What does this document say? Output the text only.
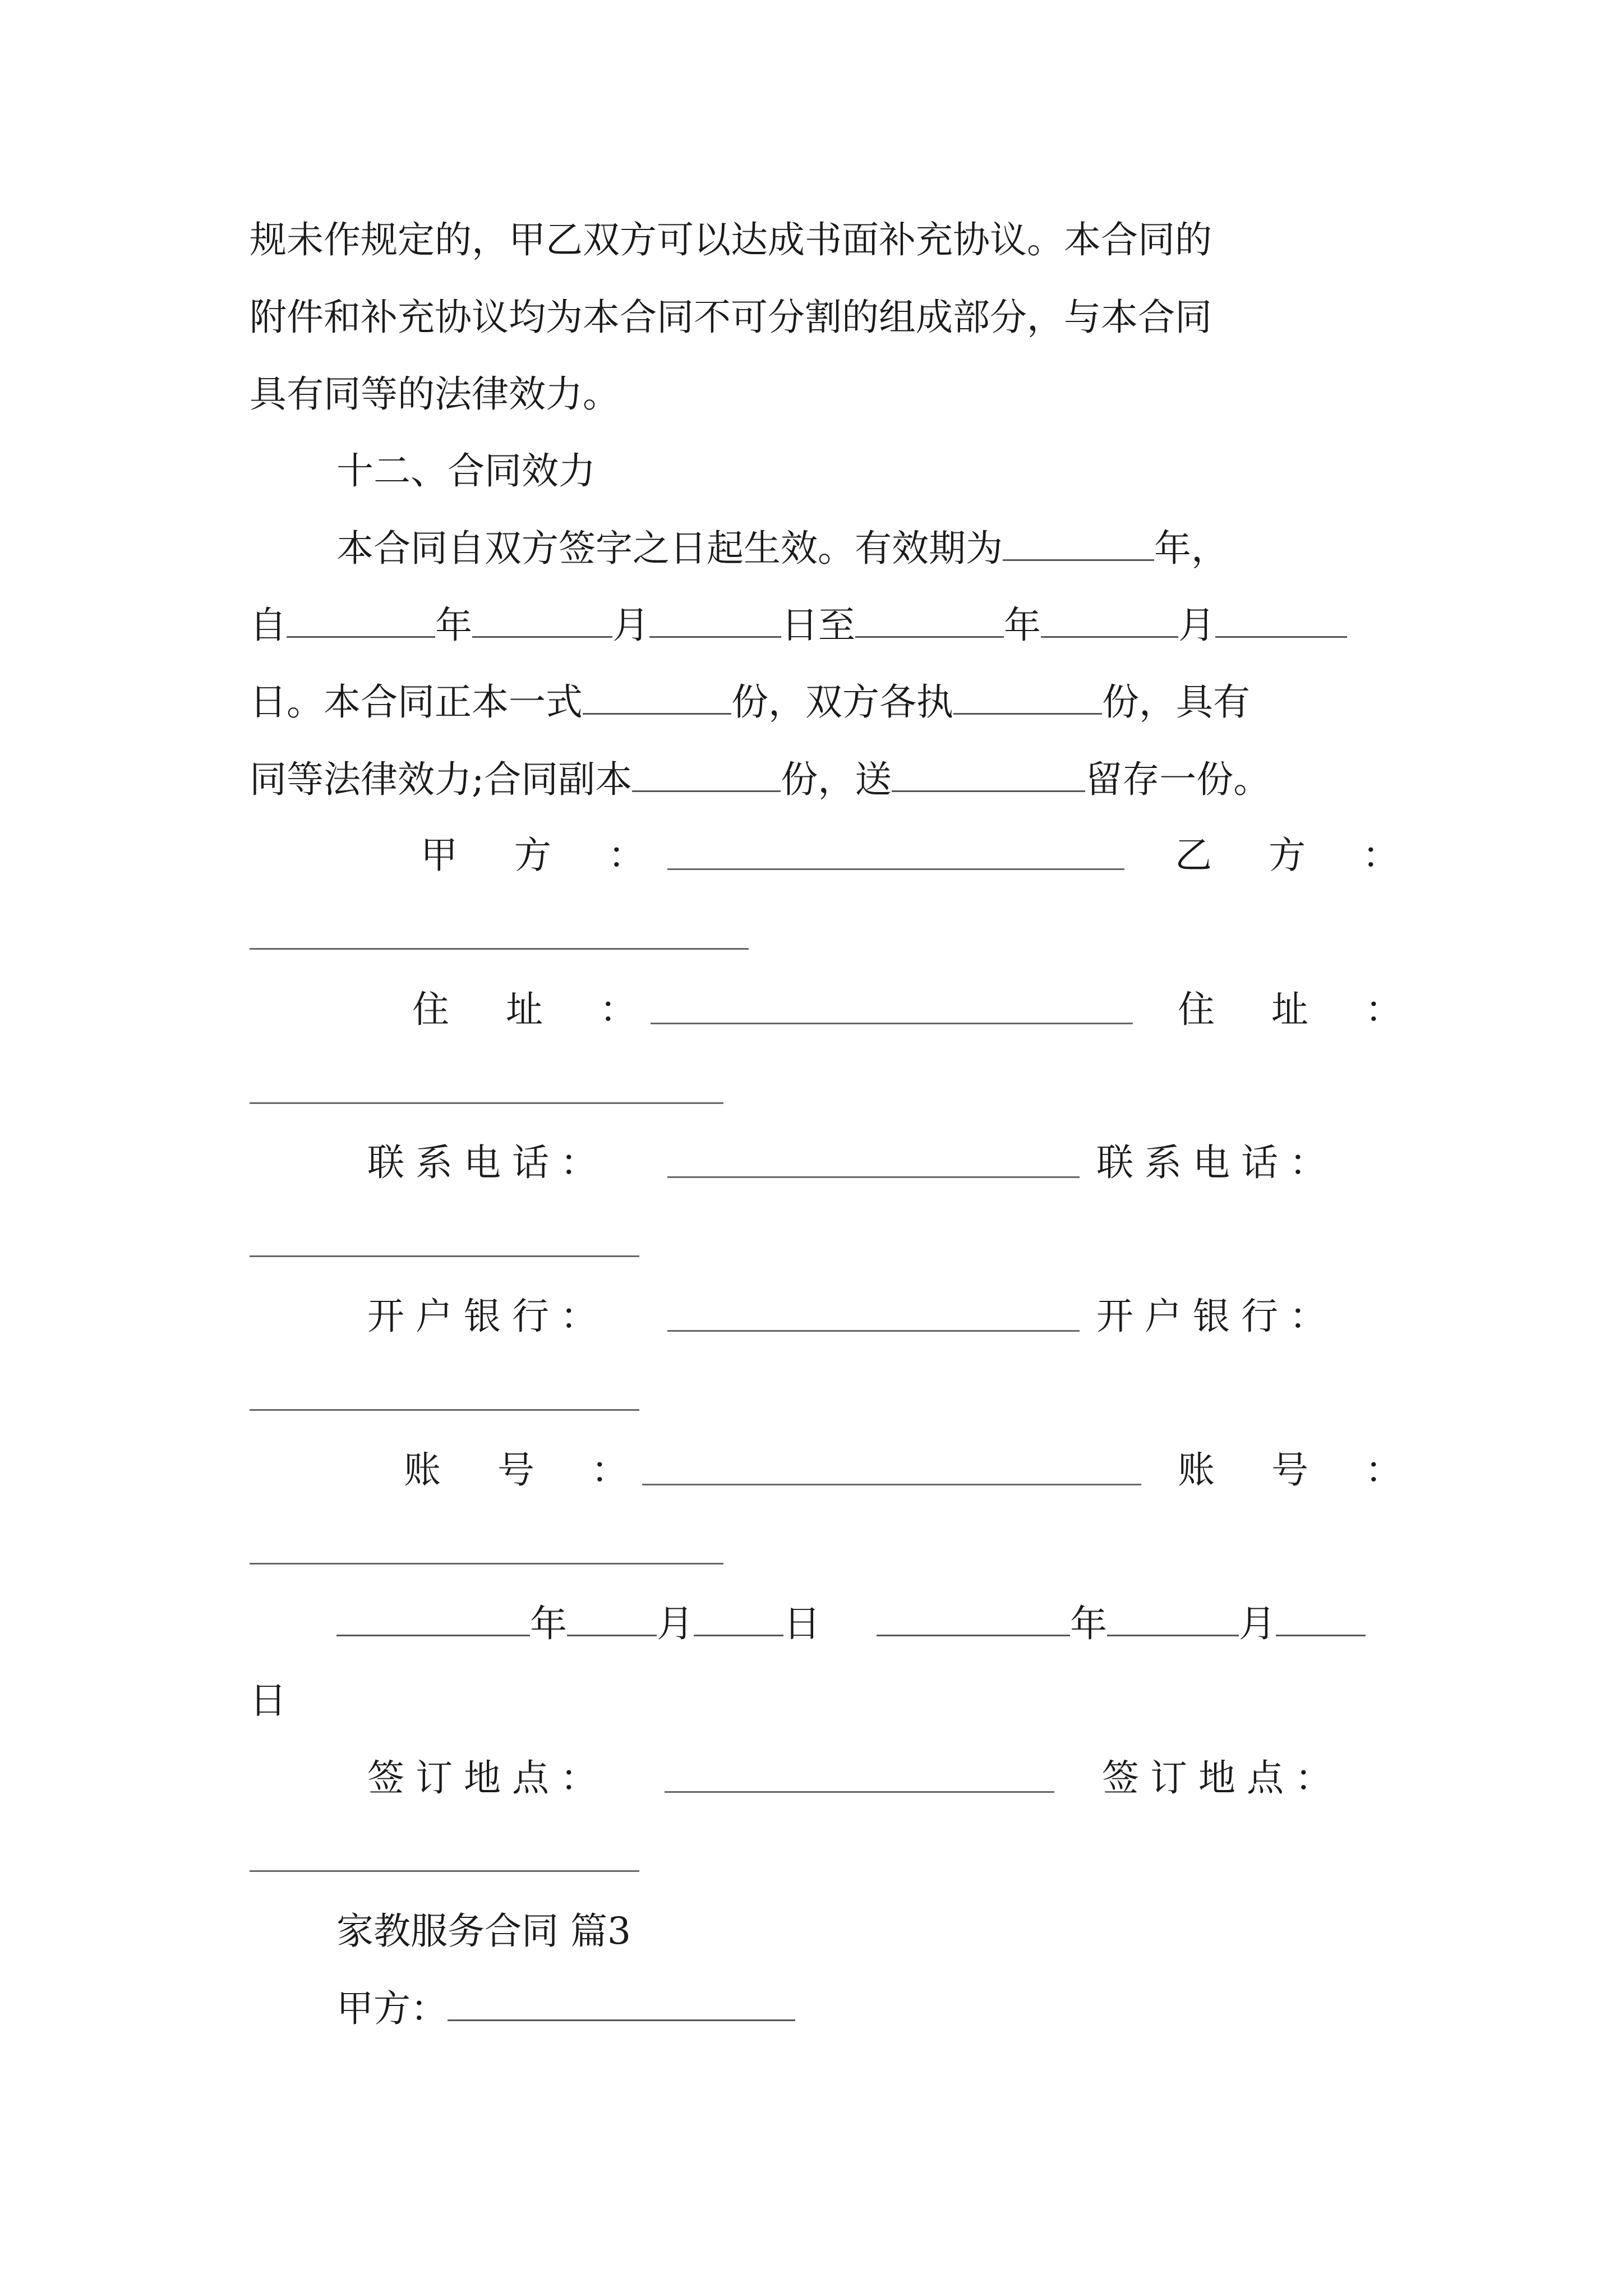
规未作规定的，甲乙双方可以达成书面补充协议。本合同的
附件和补充协议均为本合同不可分割的组成部分，与本合同
具有同等的法律效力。
十二、合同效力
本合同自双方签字之日起生效。有效期为	年，
自	年	月	日至	年	月
日。本合同正本一式	份，双方各执	份，具有
同等法律效力;合同副本	份，送	留存一份。
甲 方 ：	乙 方 ：
住 址 ：	住 址 ：
联系电话：	联系电话：
开户银行：	开户银行：
账 号 ：	账 号 ：
年 月 日	年	月
日
签订地点：	签订地点：
家教服务合同 篇3
甲方：
